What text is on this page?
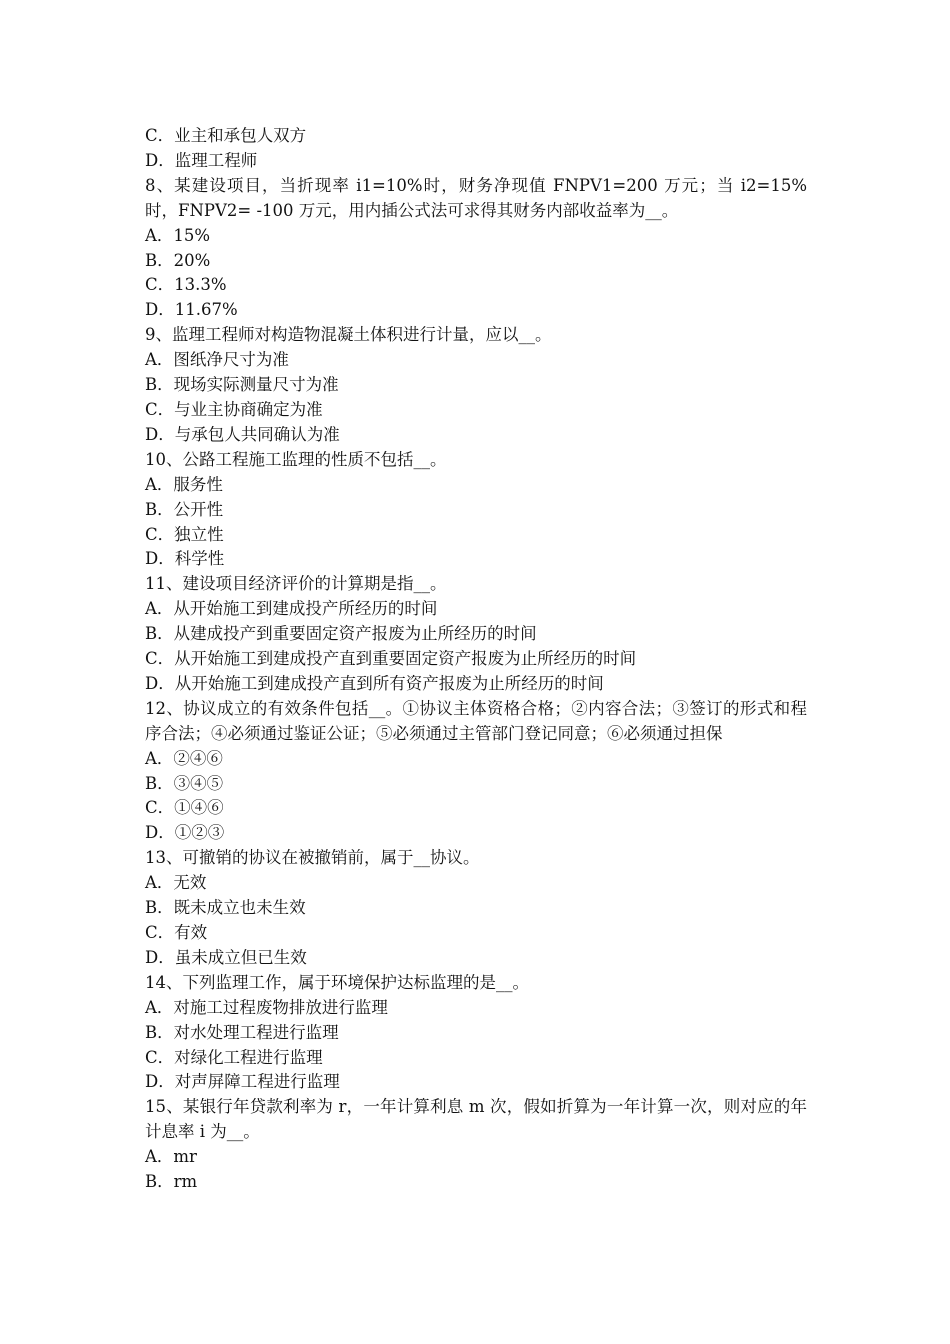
C．业主和承包人双方
D．监理工程师
8、某建设项目，当折现率 i1=10%时，财务净现值 FNPV1=200 万元；当 i2=15%时，FNPV2= -100 万元，用内插公式法可求得其财务内部收益率为__。
A．15%
B．20%
C．13.3%
D．11.67%
9、监理工程师对构造物混凝土体积进行计量，应以__。
A．图纸净尺寸为准
B．现场实际测量尺寸为准
C．与业主协商确定为准
D．与承包人共同确认为准
10、公路工程施工监理的性质不包括__。
A．服务性
B．公开性
C．独立性
D．科学性
11、建设项目经济评价的计算期是指__。
A．从开始施工到建成投产所经历的时间
B．从建成投产到重要固定资产报废为止所经历的时间
C．从开始施工到建成投产直到重要固定资产报废为止所经历的时间
D．从开始施工到建成投产直到所有资产报废为止所经历的时间
12、协议成立的有效条件包括__。①协议主体资格合格；②内容合法；③签订的形式和程序合法；④必须通过鉴证公证；⑤必须通过主管部门登记同意；⑥必须通过担保
A．②④⑥
B．③④⑤
C．①④⑥
D．①②③
13、可撤销的协议在被撤销前，属于__协议。
A．无效
B．既未成立也未生效
C．有效
D．虽未成立但已生效
14、下列监理工作，属于环境保护达标监理的是__。
A．对施工过程废物排放进行监理
B．对水处理工程进行监理
C．对绿化工程进行监理
D．对声屏障工程进行监理
15、某银行年贷款利率为 r，一年计算利息 m 次，假如折算为一年计算一次，则对应的年计息率 i 为__。
A．mr
B．rm
